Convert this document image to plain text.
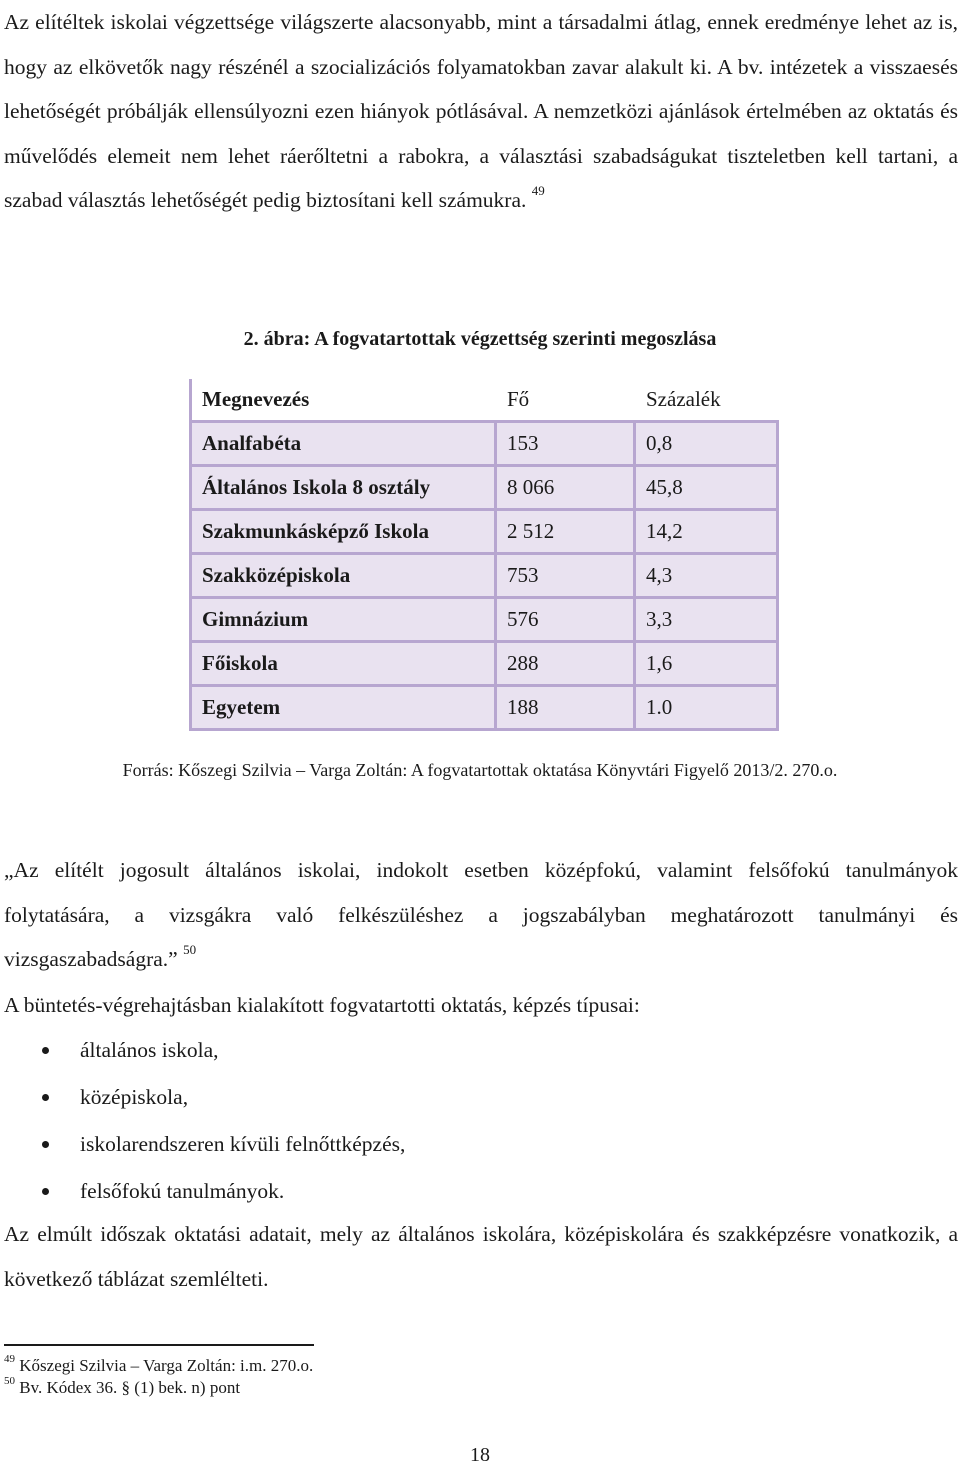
Az elítéltek iskolai végzettsége világszerte alacsonyabb, mint a társadalmi átlag, ennek eredménye lehet az is, hogy az elkövetők nagy részénél a szocializációs folyamatokban zavar alakult ki. A bv. intézetek a visszaesés lehetőségét próbálják ellensúlyozni ezen hiányok pótlásával. A nemzetközi ajánlások értelmében az oktatás és művelődés elemeit nem lehet ráerőltetni a rabokra, a választási szabadságukat tiszteletben kell tartani, a szabad választás lehetőségét pedig biztosítani kell számukra. $^{49}$

2. ábra: A fogvatartottak végzettség szerinti megoszlása
Megnevezés	Fő	Százalék
Analfabéta	153	0,8
Általános Iskola 8 osztály	8 066	45,8
Szakmunkásképző Iskola	2 512	14,2
Szakközépiskola	753	4,3
Gimnázium	576	3,3
Főiskola	288	1,6
Egyetem	188	1.0
Forrás: Kőszegi Szilvia – Varga Zoltán: A fogvatartottak oktatása Könyvtári Figyelő 2013/2. 270.o.

„Az elítélt jogosult általános iskolai, indokolt esetben középfokú, valamint felsőfokú tanulmányok folytatására, a vizsgákra való felkészüléshez a jogszabályban meghatározott tanulmányi és vizsgaszabadságra.” $^{50}$

A büntetés-végrehajtásban kialakított fogvatartotti oktatás, képzés típusai:

általános iskola,
középiskola,
iskolarendszeren kívüli felnőttképzés,
felsőfokú tanulmányok.

Az elmúlt időszak oktatási adatait, mely az általános iskolára, középiskolára és szakképzésre vonatkozik, a következő táblázat szemlélteti.

$^{49}$ Kőszegi Szilvia – Varga Zoltán: i.m. 270.o.
$^{50}$ Bv. Kódex 36. § (1) bek. n) pont
18
